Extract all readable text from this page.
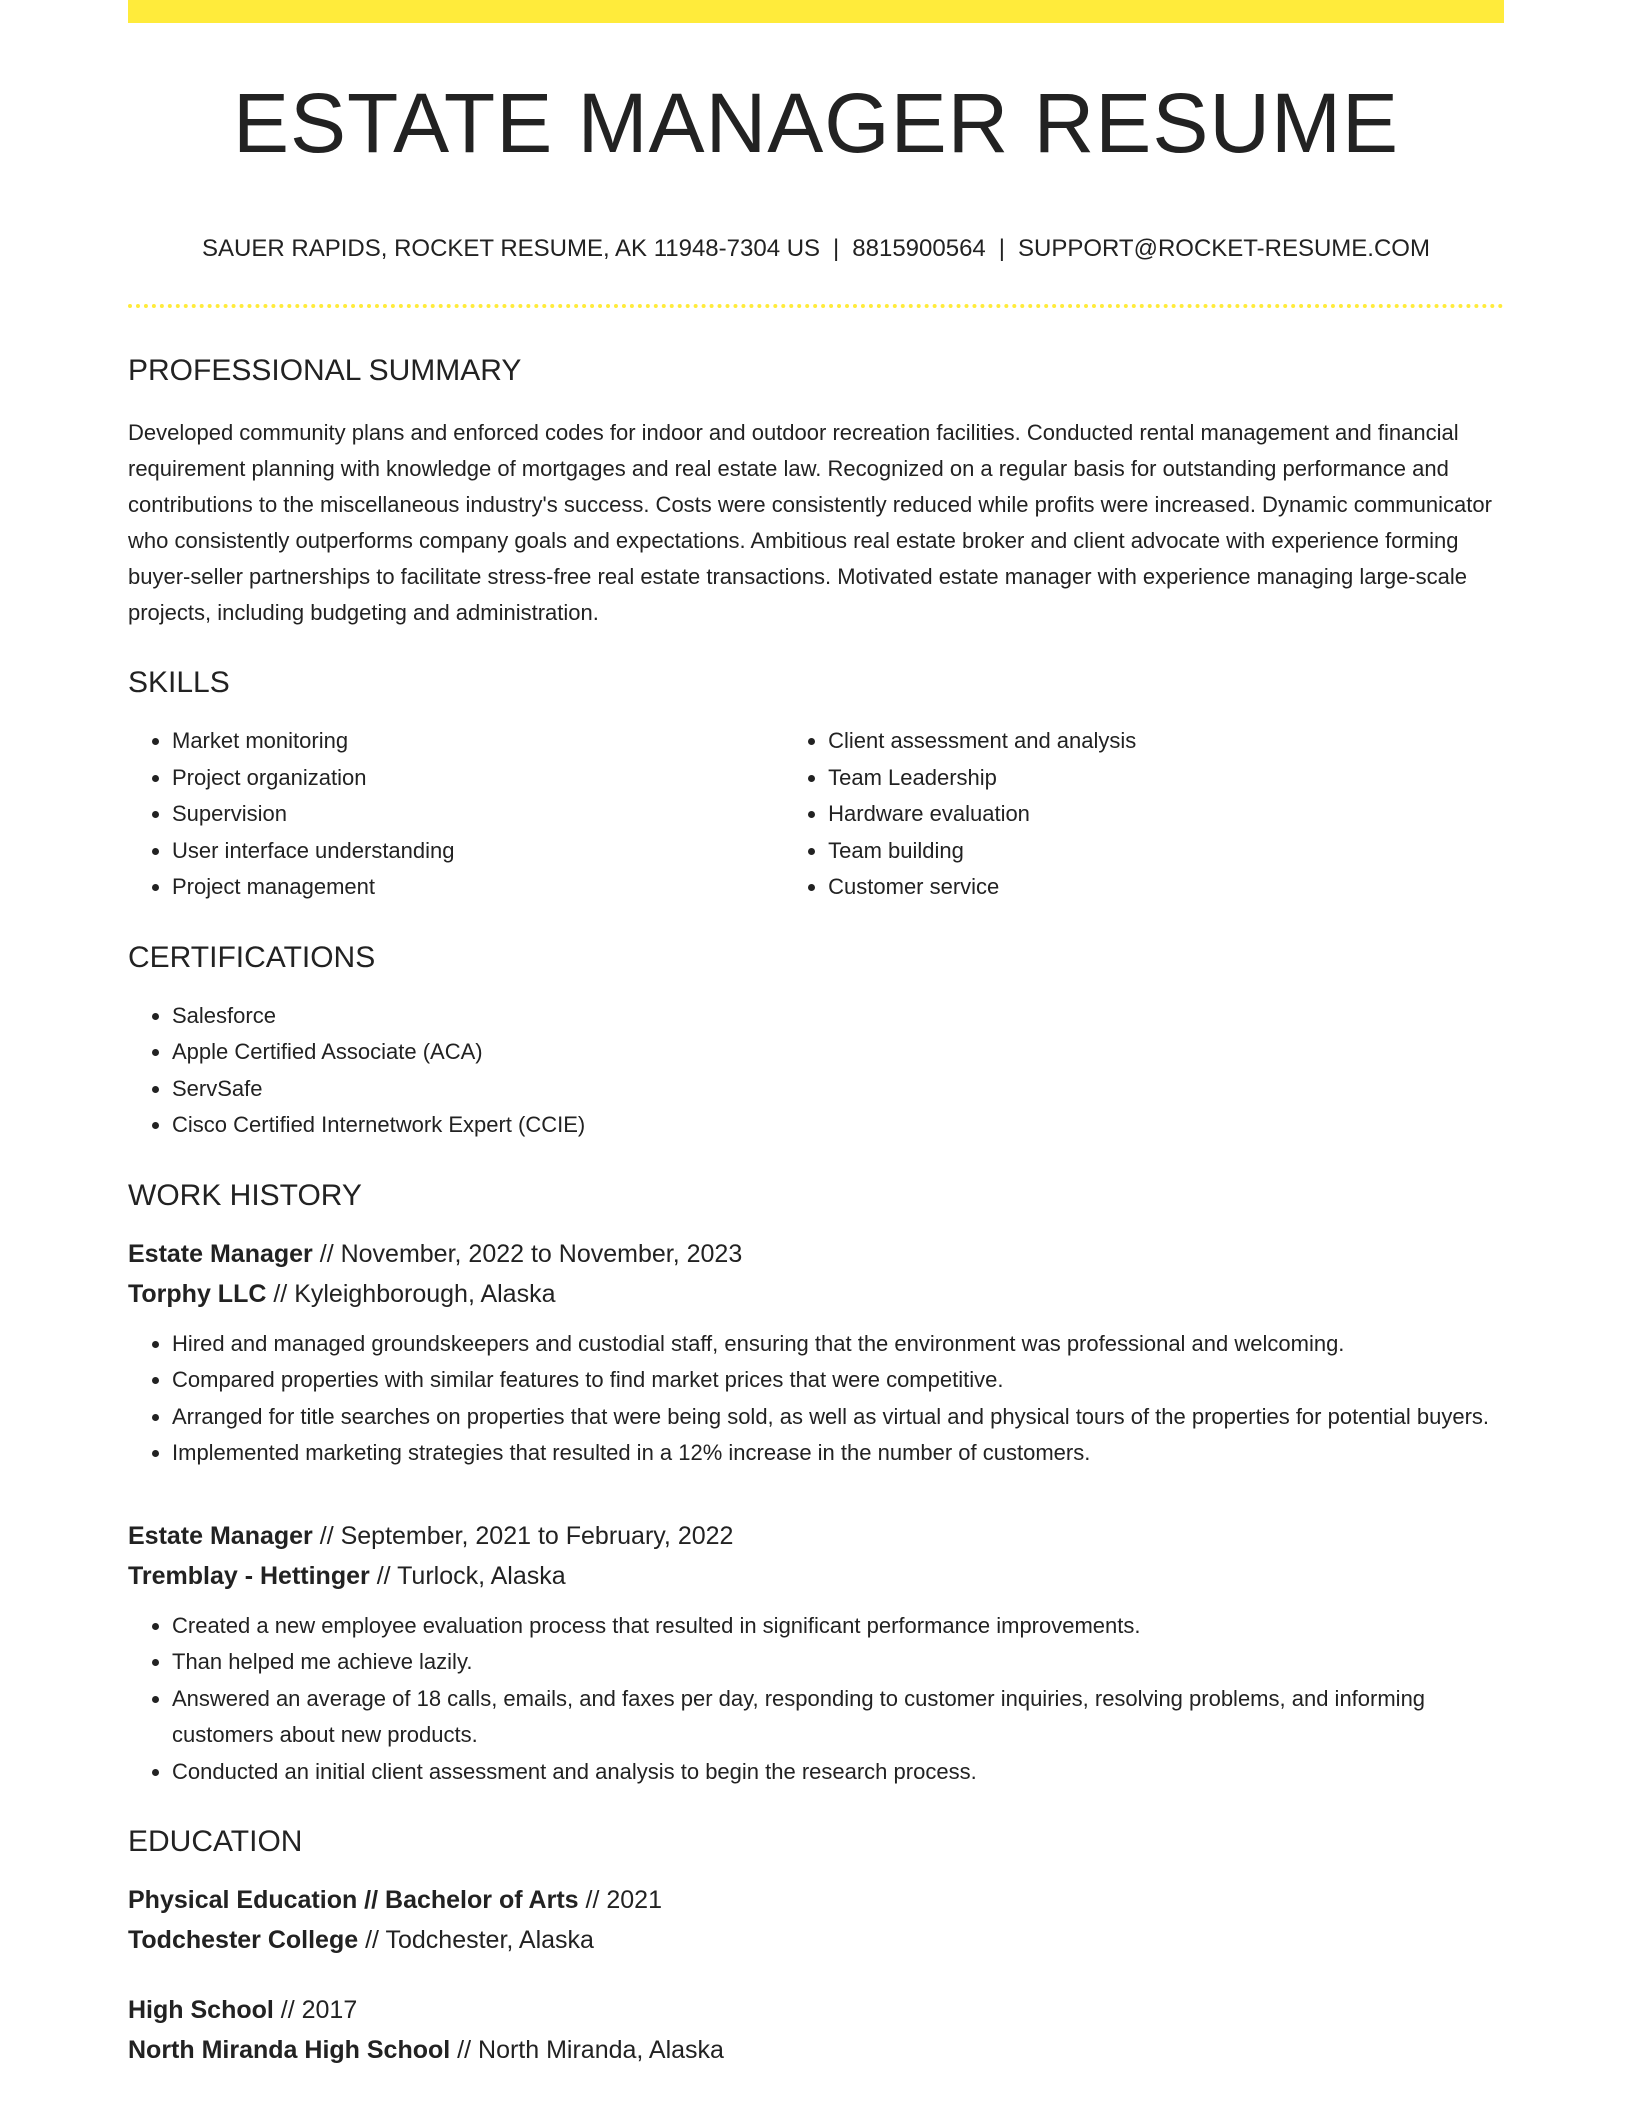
ESTATE MANAGER RESUME
SAUER RAPIDS, ROCKET RESUME, AK 11948-7304 US | 8815900564 | SUPPORT@ROCKET-RESUME.COM
PROFESSIONAL SUMMARY

Developed community plans and enforced codes for indoor and outdoor recreation facilities. Conducted rental management and financial requirement planning with knowledge of mortgages and real estate law. Recognized on a regular basis for outstanding performance and contributions to the miscellaneous industry's success. Costs were consistently reduced while profits were increased. Dynamic communicator who consistently outperforms company goals and expectations. Ambitious real estate broker and client advocate with experience forming buyer-seller partnerships to facilitate stress-free real estate transactions. Motivated estate manager with experience managing large-scale projects, including budgeting and administration.

SKILLS
• Market monitoring
• Project organization
• Supervision
• User interface understanding
• Project management
• Client assessment and analysis
• Team Leadership
• Hardware evaluation
• Team building
• Customer service
CERTIFICATIONS
• Salesforce
• Apple Certified Associate (ACA)
• ServSafe
• Cisco Certified Internetwork Expert (CCIE)
WORK HISTORY
Estate Manager // November, 2022 to November, 2023
Torphy LLC // Kyleighborough, Alaska
• Hired and managed groundskeepers and custodial staff, ensuring that the environment was professional and welcoming.
• Compared properties with similar features to find market prices that were competitive.
• Arranged for title searches on properties that were being sold, as well as virtual and physical tours of the properties for potential buyers.
• Implemented marketing strategies that resulted in a 12% increase in the number of customers.
Estate Manager // September, 2021 to February, 2022
Tremblay - Hettinger // Turlock, Alaska
• Created a new employee evaluation process that resulted in significant performance improvements.
• Than helped me achieve lazily.
• Answered an average of 18 calls, emails, and faxes per day, responding to customer inquiries, resolving problems, and informing customers about new products.
• Conducted an initial client assessment and analysis to begin the research process.
EDUCATION
Physical Education // Bachelor of Arts // 2021
Todchester College // Todchester, Alaska
High School // 2017
North Miranda High School // North Miranda, Alaska
